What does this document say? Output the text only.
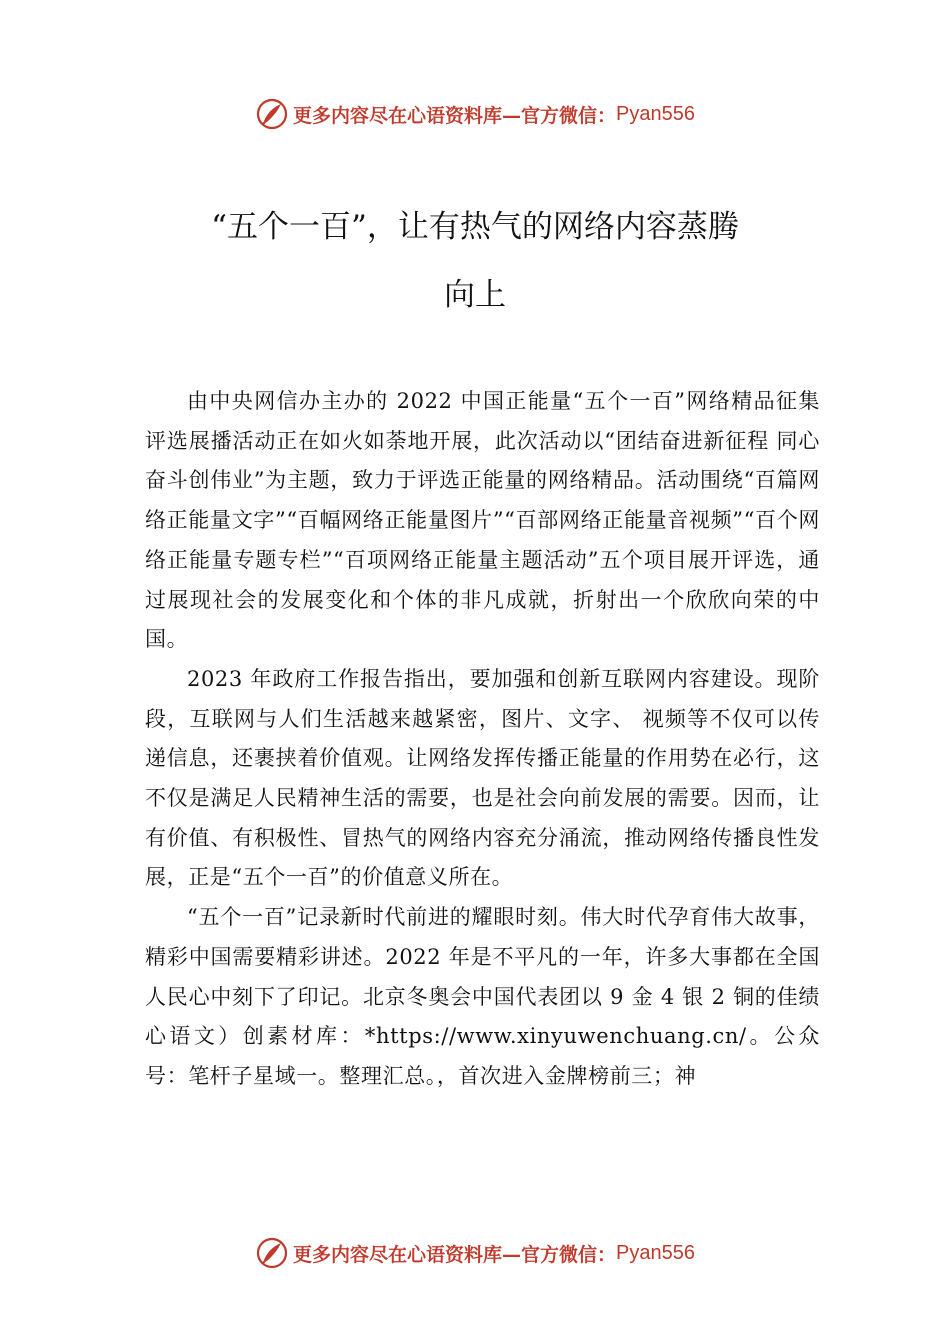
更多内容尽在心语资料库—官方微信： Pyan556
“五个一百”，让有热气的网络内容蒸腾
向上

由中央网信办主办的 2022 中国正能量“五个一百”网络精品征集评选展播活动正在如火如荼地开展，此次活动以“团结奋进新征程 同心奋斗创伟业”为主题，致力于评选正能量的网络精品。活动围绕“百篇网络正能量文字”“百幅网络正能量图片”“百部网络正能量音视频”“百个网络正能量专题专栏”“百项网络正能量主题活动”五个项目展开评选，通过展现社会的发展变化和个体的非凡成就，折射出一个欣欣向荣的中国。

2023 年政府工作报告指出，要加强和创新互联网内容建设。现阶段，互联网与人们生活越来越紧密，图片、文字、 视频等不仅可以传递信息，还裹挟着价值观。让网络发挥传播正能量的作用势在必行，这不仅是满足人民精神生活的需要，也是社会向前发展的需要。因而，让有价值、有积极性、冒热气的网络内容充分涌流，推动网络传播良性发展，正是“五个一百”的价值意义所在。

“五个一百”记录新时代前进的耀眼时刻。伟大时代孕育伟大故事，精彩中国需要精彩讲述。2022 年是不平凡的一年，许多大事都在全国人民心中刻下了印记。北京冬奥会中国代表团以 9 金 4 银 2 铜的佳绩心语文）创素材库：*https://www.xinyuwenchuang.cn/。公众号：笔杆子星域一。整理汇总。，首次进入金牌榜前三；神

更多内容尽在心语资料库—官方微信： Pyan556
